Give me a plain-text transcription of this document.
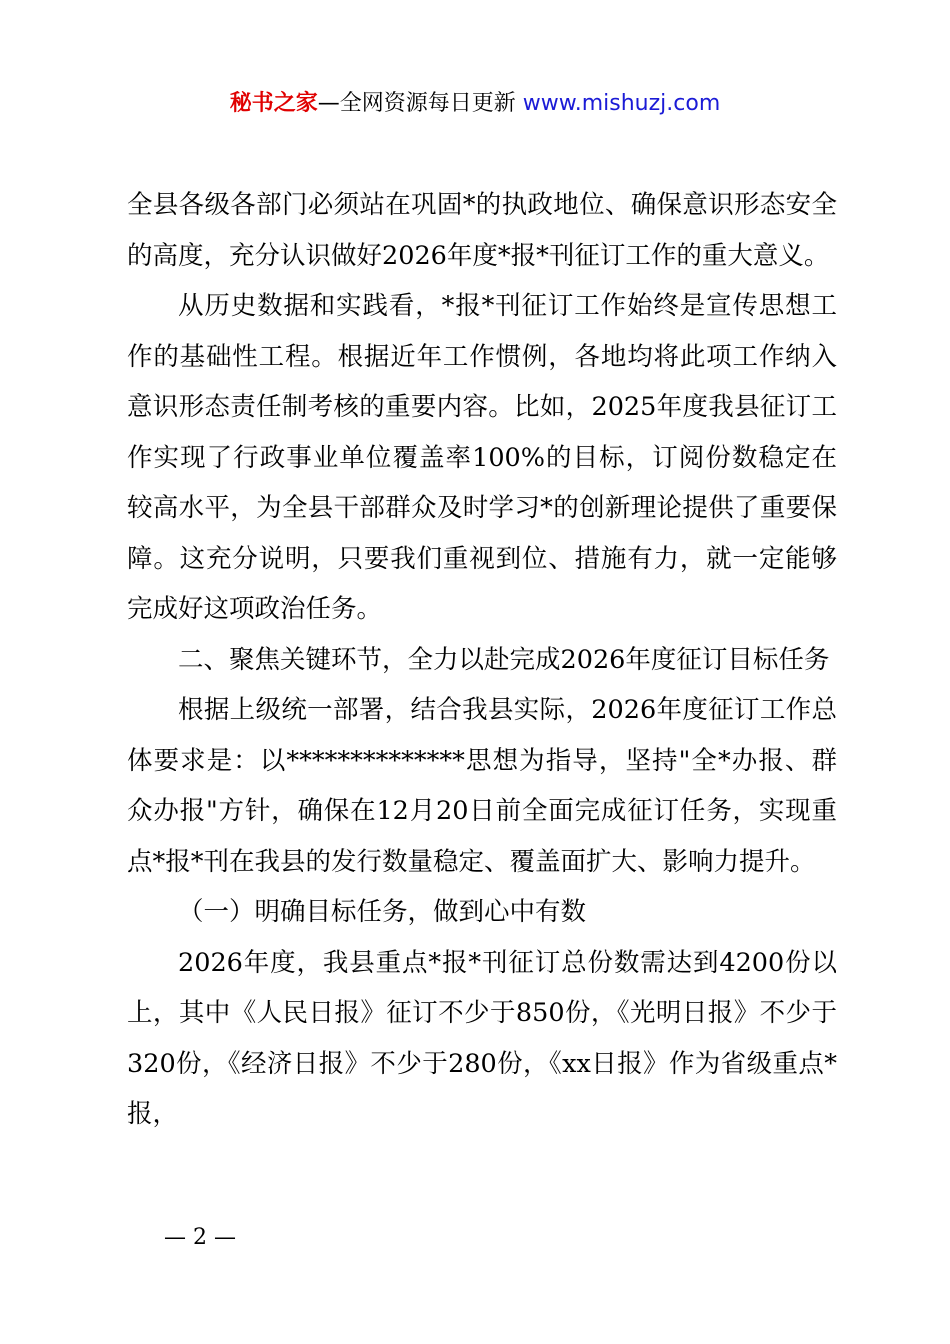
秘书之家—全网资源每日更新 www.mishuzj.com

全县各级各部门必须站在巩固*的执政地位、确保意识形态安全的高度，充分认识做好2026年度*报*刊征订工作的重大意义。

从历史数据和实践看，*报*刊征订工作始终是宣传思想工作的基础性工程。根据近年工作惯例，各地均将此项工作纳入意识形态责任制考核的重要内容。比如，2025年度我县征订工作实现了行政事业单位覆盖率100%的目标，订阅份数稳定在较高水平，为全县干部群众及时学习*的创新理论提供了重要保障。这充分说明，只要我们重视到位、措施有力，就一定能够完成好这项政治任务。

二、聚焦关键环节，全力以赴完成2026年度征订目标任务

根据上级统一部署，结合我县实际，2026年度征订工作总体要求是：以**************思想为指导，坚持"全*办报、群众办报"方针，确保在12月20日前全面完成征订任务，实现重点*报*刊在我县的发行数量稳定、覆盖面扩大、影响力提升。

（一）明确目标任务，做到心中有数

2026年度，我县重点*报*刊征订总份数需达到4200份以上，其中《人民日报》征订不少于850份，《光明日报》不少于320份，《经济日报》不少于280份，《xx日报》作为省级重点*报，

— 2 —
